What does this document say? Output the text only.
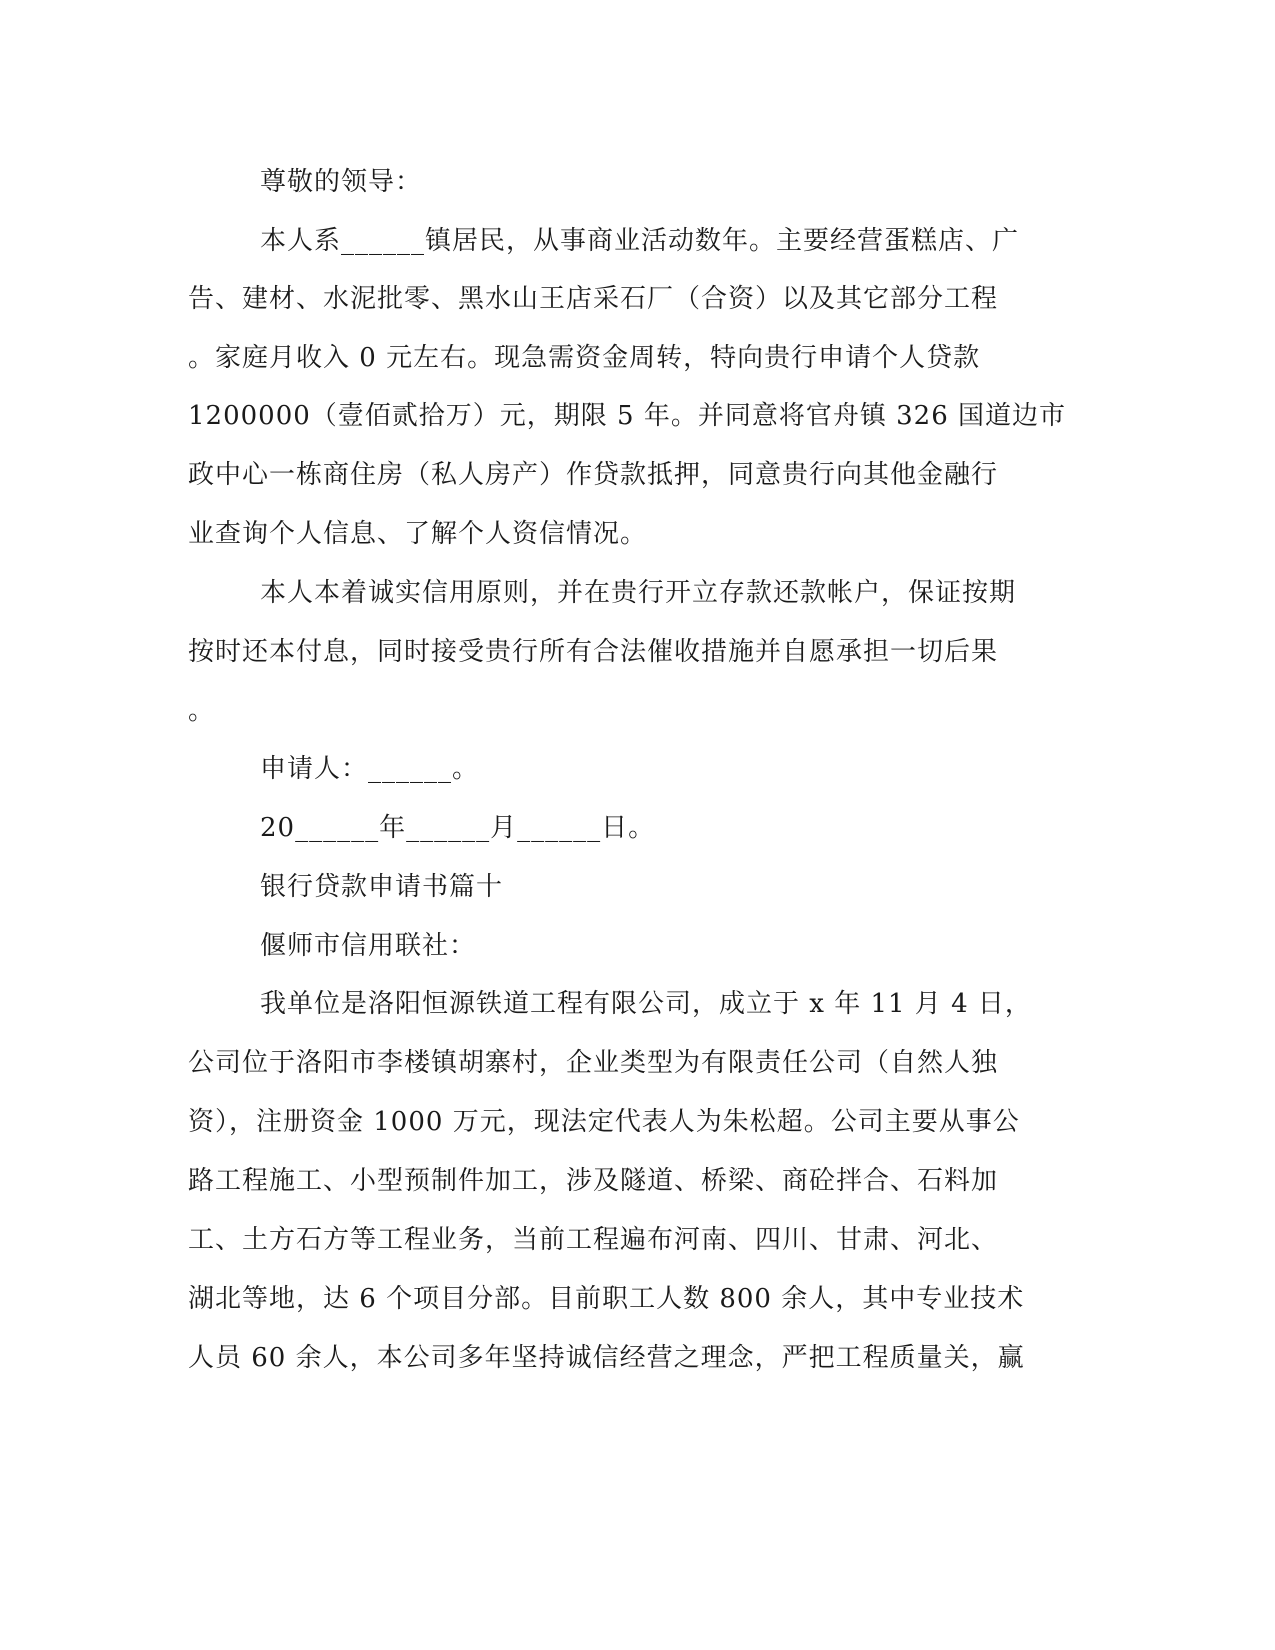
尊敬的领导：
本人系______镇居民，从事商业活动数年。主要经营蛋糕店、广
告、建材、水泥批零、黑水山王店采石厂（合资）以及其它部分工程
。家庭月收入 0 元左右。现急需资金周转，特向贵行申请个人贷款
1200000（壹佰贰拾万）元，期限 5 年。并同意将官舟镇 326 国道边市
政中心一栋商住房（私人房产）作贷款抵押，同意贵行向其他金融行
业查询个人信息、了解个人资信情况。
本人本着诚实信用原则，并在贵行开立存款还款帐户，保证按期
按时还本付息，同时接受贵行所有合法催收措施并自愿承担一切后果
。
申请人：______。
20______年______月______日。
银行贷款申请书篇十
偃师市信用联社：
我单位是洛阳恒源铁道工程有限公司，成立于 x 年 11 月 4 日，
公司位于洛阳市李楼镇胡寨村，企业类型为有限责任公司（自然人独
资），注册资金 1000 万元，现法定代表人为朱松超。公司主要从事公
路工程施工、小型预制件加工，涉及隧道、桥梁、商砼拌合、石料加
工、土方石方等工程业务，当前工程遍布河南、四川、甘肃、河北、
湖北等地，达 6 个项目分部。目前职工人数 800 余人，其中专业技术
人员 60 余人，本公司多年坚持诚信经营之理念，严把工程质量关，赢
